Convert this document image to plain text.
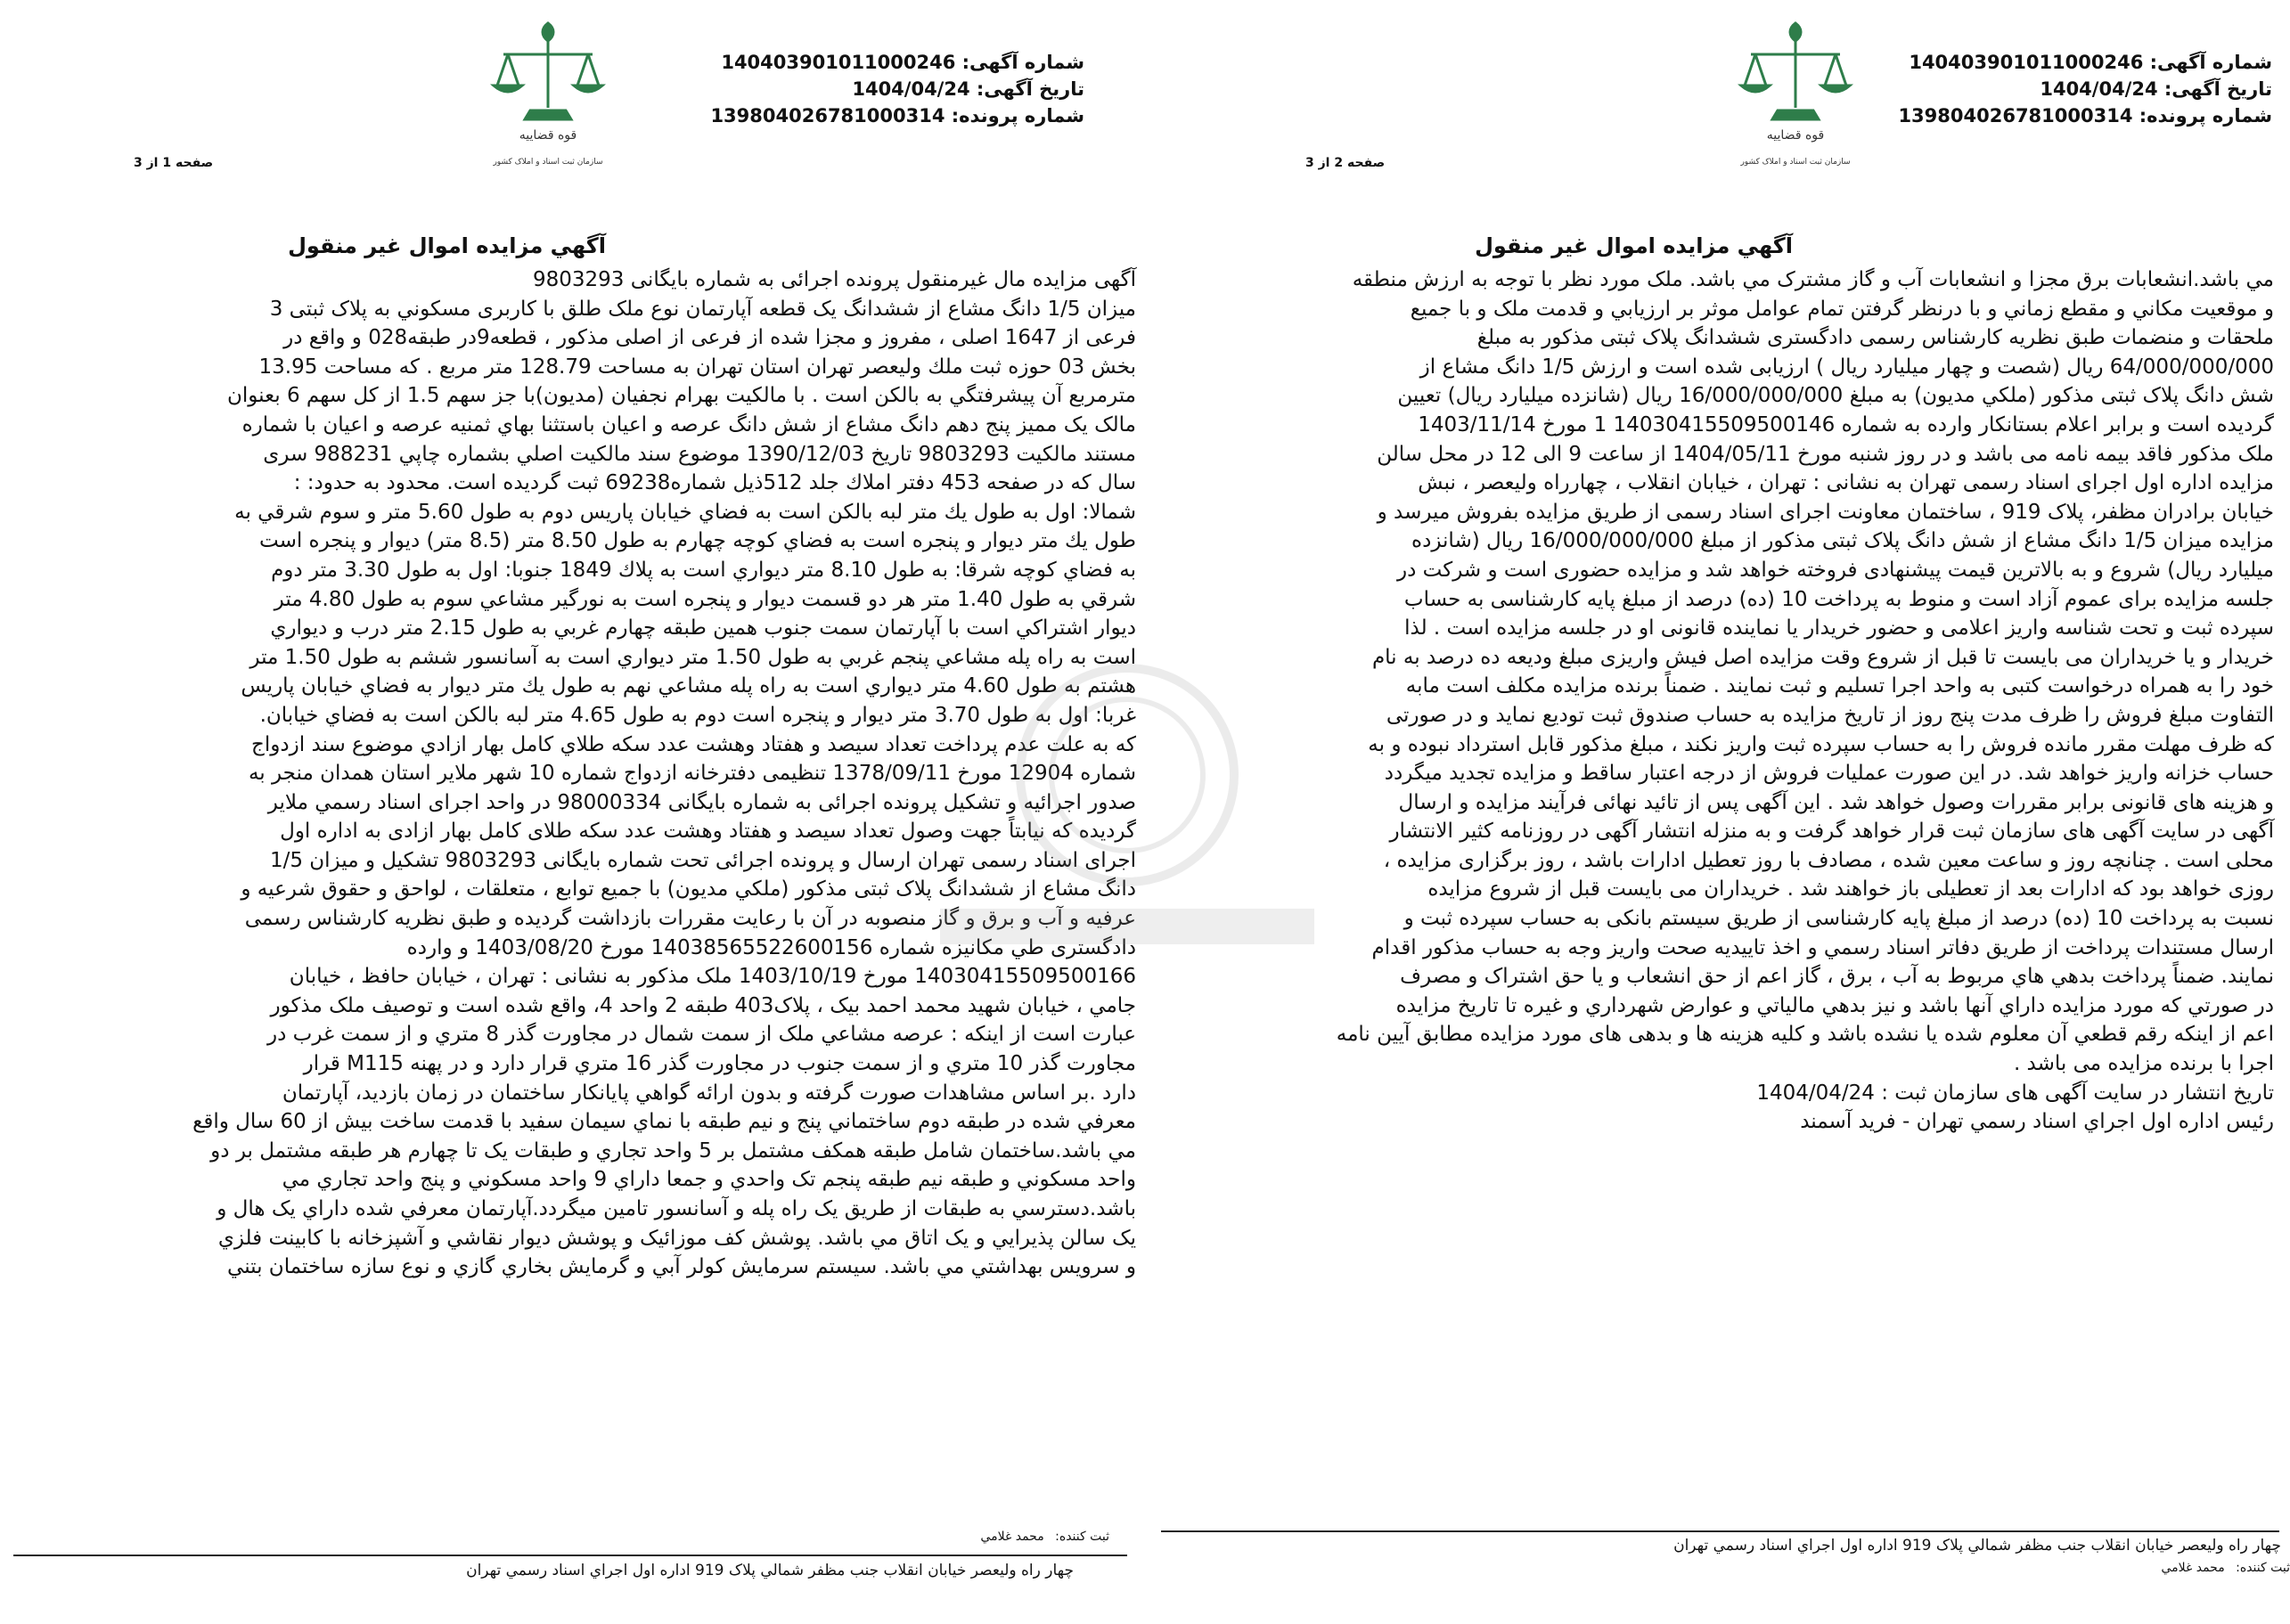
قوه قضاییه
سازمان ثبت اسناد و املاک کشور
شماره آگهی: 140403901011000246
تاریخ آگهی: 1404/04/24
شماره پرونده: 139804026781000314
صفحه 1 از 3
آگهي مزايده اموال غير منقول
آگهی مزایده مال غیرمنقول پرونده اجرائی به شماره بایگانی 9803293
ميزان 1/5 دانگ مشاع از ششدانگ یک قطعه آپارتمان نوع ملک طلق با کاربری مسکوني به پلاک ثبتی 3
فرعی از 1647 اصلی ، مفروز و مجزا شده از فرعی از اصلی مذکور ، قطعه9در طبقه028 و واقع در
بخش 03 حوزه ثبت ملك وليعصر تهران استان تهران به مساحت 128.79 متر مربع . كه مساحت 13.95
مترمربع آن پيشرفتگي به بالكن است . با مالکیت بهرام نجفيان (مديون)با جز سهم 1.5 از كل سهم 6 بعنوان
مالک یک ممیز پنج دهم دانگ مشاع از شش دانگ عرصه و اعيان باستثنا بهاي ثمنيه عرصه و اعيان با شماره
مستند مالکیت 9803293 تاریخ 1390/12/03 موضوع سند مالكيت اصلي بشماره چاپي 988231 سری
سال که در صفحه 453 دفتر املاك جلد 512ذيل شماره69238 ثبت گرديده است. محدود به حدود: :
شمالا: اول به طول يك متر لبه بالكن است به فضاي خيابان پاريس دوم به طول 5.60 متر و سوم شرقي به
طول يك متر ديوار و پنجره است به فضاي كوچه چهارم به طول 8.50 متر (8.5 متر) ديوار و پنجره است
به فضاي كوچه شرقا: به طول 8.10 متر ديواري است به پلاك 1849 جنوبا: اول به طول 3.30 متر دوم
شرقي به طول 1.40 متر هر دو قسمت ديوار و پنجره است به نورگير مشاعي سوم به طول 4.80 متر
ديوار اشتراكي است با آپارتمان سمت جنوب همين طبقه چهارم غربي به طول 2.15 متر درب و ديواري
است به راه پله مشاعي پنجم غربي به طول 1.50 متر ديواري است به آسانسور ششم به طول 1.50 متر
هشتم به طول 4.60 متر ديواري است به راه پله مشاعي نهم به طول يك متر ديوار به فضاي خيابان پاريس
غربا: اول به طول 3.70 متر ديوار و پنجره است دوم به طول 4.65 متر لبه بالكن است به فضاي خيابان.
كه به علت عدم پرداخت تعداد سیصد و هفتاد وهشت عدد سكه طلاي كامل بهار ازادي موضوع سند ازدواج
شماره 12904 مورخ 1378/09/11 تنظيمی دفترخانه ازدواج شماره 10 شهر ملاير استان همدان منجر به
صدور اجرائيه و تشكيل پرونده اجرائی به شماره بايگانی 98000334 در واحد اجرای اسناد رسمي ملاير
گرديده كه نيابتاً جهت وصول تعداد سيصد و هفتاد وهشت عدد سكه طلای كامل بهار ازادی به اداره اول
اجرای اسناد رسمی تهران ارسال و پرونده اجرائی تحت شماره بایگانی 9803293 تشكيل و ميزان 1/5
دانگ مشاع از ششدانگ پلاک ثبتی مذکور (ملكي مديون) با جميع توابع ، متعلقات ، لواحق و حقوق شرعيه و
عرفيه و آب و برق و گاز منصوبه در آن با رعايت مقررات بازداشت گرديده و طبق نظريه کارشناس رسمی
دادگستری طي مکانیزه شماره 14038565522600156 مورخ 1403/08/20 و وارده
14030415509500166 مورخ 1403/10/19 ملک مذکور به نشانی : تهران ، خيابان حافظ ، خيابان
جامي ، خيابان شهيد محمد احمد بيک ، پلاک403 طبقه 2 واحد 4، واقع شده است و توصیف ملک مذکور
عبارت است از اينکه : عرصه مشاعي ملک از سمت شمال در مجاورت گذر 8 متري و از سمت غرب در
مجاورت گذر 10 متري و از سمت جنوب در مجاورت گذر 16 متري قرار دارد و در پهنه M115 قرار
دارد .بر اساس مشاهدات صورت گرفته و بدون ارائه گواهي پايانکار ساختمان در زمان بازديد، آپارتمان
معرفي شده در طبقه دوم ساختماني پنج و نيم طبقه با نماي سيمان سفيد با قدمت ساخت بيش از 60 سال واقع
مي باشد.ساختمان شامل طبقه همکف مشتمل بر 5 واحد تجاري و طبقات يک تا چهارم هر طبقه مشتمل بر دو
واحد مسکوني و طبقه نيم طبقه پنجم تک واحدي و جمعا داراي 9 واحد مسکوني و پنج واحد تجاري مي
باشد.دسترسي به طبقات از طريق يک راه پله و آسانسور تامين ميگردد.آپارتمان معرفي شده داراي يک هال و
يک سالن پذيرايي و يک اتاق مي باشد. پوشش کف موزائيک و پوشش ديوار نقاشي و آشپزخانه با کابينت فلزي
و سرويس بهداشتي مي باشد. سيستم سرمايش کولر آبي و گرمايش بخاري گازي و نوع سازه ساختمان بتني
ثبت کننده: محمد غلامي
چهار راه وليعصر خيابان انقلاب جنب مظفر شمالي پلاک 919 اداره اول اجراي اسناد رسمي تهران
قوه قضاییه
سازمان ثبت اسناد و املاک کشور
شماره آگهی: 140403901011000246
تاریخ آگهی: 1404/04/24
شماره پرونده: 139804026781000314
صفحه 2 از 3
آگهي مزايده اموال غير منقول
مي باشد.انشعابات برق مجزا و انشعابات آب و گاز مشترک مي باشد. ملک مورد نظر با توجه به ارزش منطقه
و موقعيت مکاني و مقطع زماني و با درنظر گرفتن تمام عوامل موثر بر ارزيابي و قدمت ملک و با جميع
ملحقات و منضمات طبق نظریه کارشناس رسمی دادگستری ششدانگ پلاک ثبتی مذکور به مبلغ
64/000/000/000 ريال (شصت و چهار ميليارد ريال ) ارزيابی شده است و ارزش 1/5 دانگ مشاع از
شش دانگ پلاک ثبتی مذکور (ملكي مديون) به مبلغ 16/000/000/000 ريال (شانزده ميليارد ريال) تعيين
گرديده است و برابر اعلام بستانكار وارده به شماره 14030415509500146 1 مورخ 1403/11/14
ملک مذکور فاقد بيمه نامه می باشد و در روز شنبه مورخ 1404/05/11 از ساعت 9 الی 12 در محل سالن
مزایده اداره اول اجرای اسناد رسمی تهران به نشانی : تهران ، خيابان انقلاب ، چهارراه وليعصر ، نبش
خيابان برادران مظفر، پلاک 919 ، ساختمان معاونت اجرای اسناد رسمی از طريق مزايده بفروش ميرسد و
مزايده ميزان 1/5 دانگ مشاع از شش دانگ پلاک ثبتی مذکور از مبلغ 16/000/000/000 ريال (شانزده
ميليارد ريال) شروع و به بالاترين قيمت پيشنهادی فروخته خواهد شد و مزايده حضوری است و شرکت در
جلسه مزایده برای عموم آزاد است و منوط به پرداخت 10 (ده) درصد از مبلغ پایه کارشناسی به حساب
سپرده ثبت و تحت شناسه واريز اعلامی و حضور خریدار یا نماینده قانونی او در جلسه مزایده است . لذا
خريدار و يا خريداران می بايست تا قبل از شروع وقت مزايده اصل فيش واريزی مبلغ وديعه ده درصد به نام
خود را به همراه درخواست کتبی به واحد اجرا تسليم و ثبت نمايند . ضمناً برنده مزایده مکلف است مابه
التفاوت مبلغ فروش را ظرف مدت پنج روز از تاريخ مزايده به حساب صندوق ثبت توديع نمايد و در صورتی
كه ظرف مهلت مقرر مانده فروش را به حساب سپرده ثبت واريز نكند ، مبلغ مذكور قابل استرداد نبوده و به
حساب خزانه واريز خواهد شد. در اين صورت عمليات فروش از درجه اعتبار ساقط و مزايده تجديد ميگردد
و هزينه های قانونی برابر مقررات وصول خواهد شد . این آگهی پس از تائيد نهائی فرآيند مزايده و ارسال
آگهی در سايت آگهی های سازمان ثبت قرار خواهد گرفت و به منزله انتشار آگهی در روزنامه كثير الانتشار
محلی است . چنانچه روز و ساعت معين شده ، مصادف با روز تعطيل ادارات باشد ، روز برگزاری مزايده ،
روزی خواهد بود که ادارات بعد از تعطيلی باز خواهند شد . خريداران می بايست قبل از شروع مزايده
نسبت به پرداخت 10 (ده) درصد از مبلغ پايه کارشناسی از طريق سيستم بانکی به حساب سپرده ثبت و
ارسال مستندات پرداخت از طريق دفاتر اسناد رسمي و اخذ تاييديه صحت واريز وجه به حساب مذکور اقدام
نمايند. ضمناً پرداخت بدهي هاي مربوط به آب ، برق ، گاز اعم از حق انشعاب و يا حق اشتراک و مصرف
در صورتي که مورد مزايده داراي آنها باشد و نيز بدهي مالياتي و عوارض شهرداري و غيره تا تاريخ مزايده
اعم از اينکه رقم قطعي آن معلوم شده يا نشده باشد و کليه هزينه ها و بدهی های مورد مزايده مطابق آيين نامه
اجرا با برنده مزايده می باشد .
تاريخ انتشار در سايت آگهی های سازمان ثبت : 1404/04/24
رئيس اداره اول اجراي اسناد رسمي تهران - فريد آسمند
چهار راه وليعصر خيابان انقلاب جنب مظفر شمالي پلاک 919 اداره اول اجراي اسناد رسمي تهران
ثبت کننده: محمد غلامي
